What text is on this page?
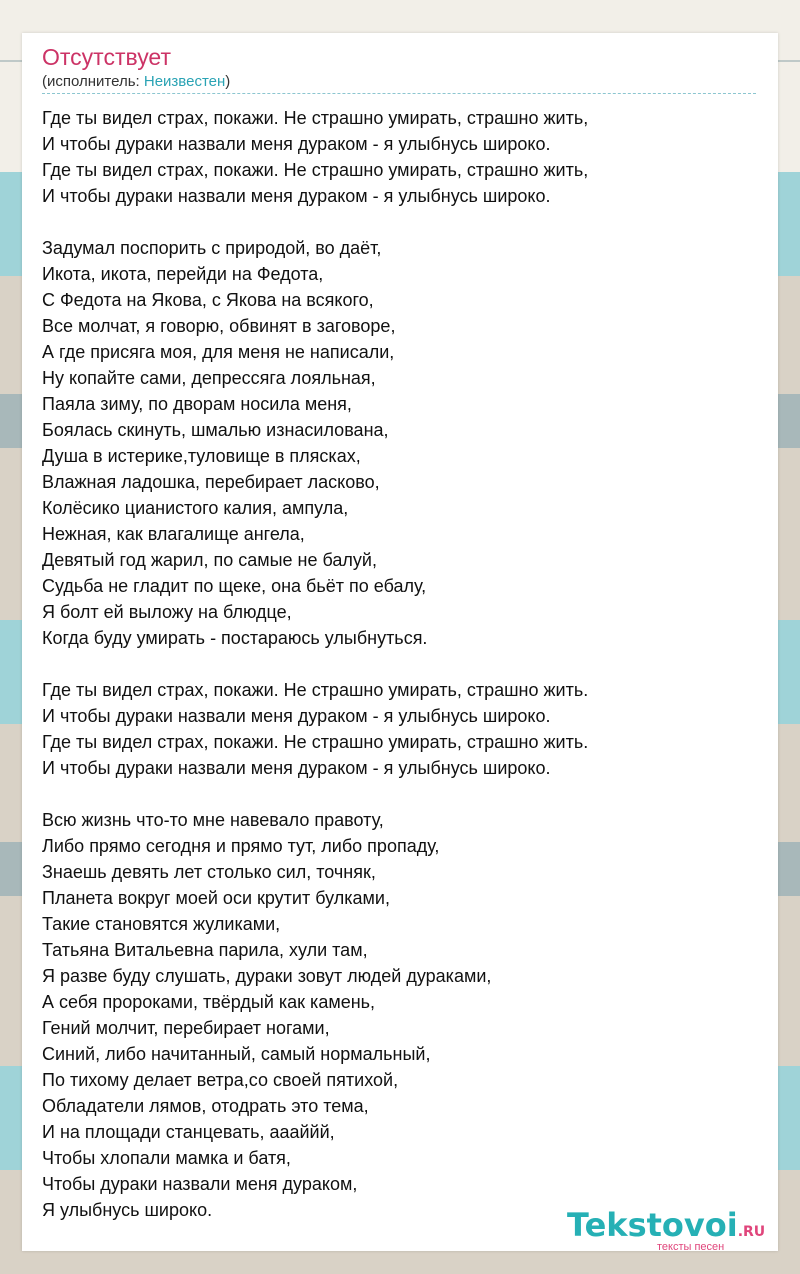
Отсутствует
(исполнитель: Неизвестен)
Где ты видел страх, покажи. Не страшно умирать, страшно жить,
И чтобы дураки назвали меня дураком - я улыбнусь широко.
Где ты видел страх, покажи. Не страшно умирать, страшно жить,
И чтобы дураки назвали меня дураком - я улыбнусь широко.
Задумал поспорить с природой, во даёт,
Икота, икота, перейди на Федота,
С Федота на Якова, с Якова на всякого,
Все молчат, я говорю, обвинят в заговоре,
А где присяга моя, для меня не написали,
Ну копайте сами, депрессяга лояльная,
Паяла зиму, по дворам носила меня,
Боялась скинуть, шмалью изнасилована,
Душа в истерике,туловище в плясках,
Влажная ладошка, перебирает ласково,
Колёсико цианистого калия, ампула,
Нежная, как влагалище ангела,
Девятый год жарил, по самые не балуй,
Судьба не гладит по щеке, она бьёт по ебалу,
Я болт ей выложу на блюдце,
Когда буду умирать - постараюсь улыбнуться.
Где ты видел страх, покажи. Не страшно умирать, страшно жить.
И чтобы дураки назвали меня дураком - я улыбнусь широко.
Где ты видел страх, покажи. Не страшно умирать, страшно жить.
И чтобы дураки назвали меня дураком - я улыбнусь широко.
Всю жизнь что-то мне навевало правоту,
Либо прямо сегодня и прямо тут, либо пропаду,
Знаешь девять лет столько сил, точняк,
Планета вокруг моей оси крутит булками,
Такие становятся жуликами,
Татьяна Витальевна парила, хули там,
Я разве буду слушать, дураки зовут людей дураками,
А себя пророками, твёрдый как камень,
Гений молчит, перебирает ногами,
Синий, либо начитанный, самый нормальный,
По тихому делает ветра,со своей пятихой,
Обладатели лямов, отодрать это тема,
И на площади станцевать, аааййй,
Чтобы хлопали мамка и батя,
Чтобы дураки назвали меня дураком,
Я улыбнусь широко.	Tekstovoi.RU
тексты песен
